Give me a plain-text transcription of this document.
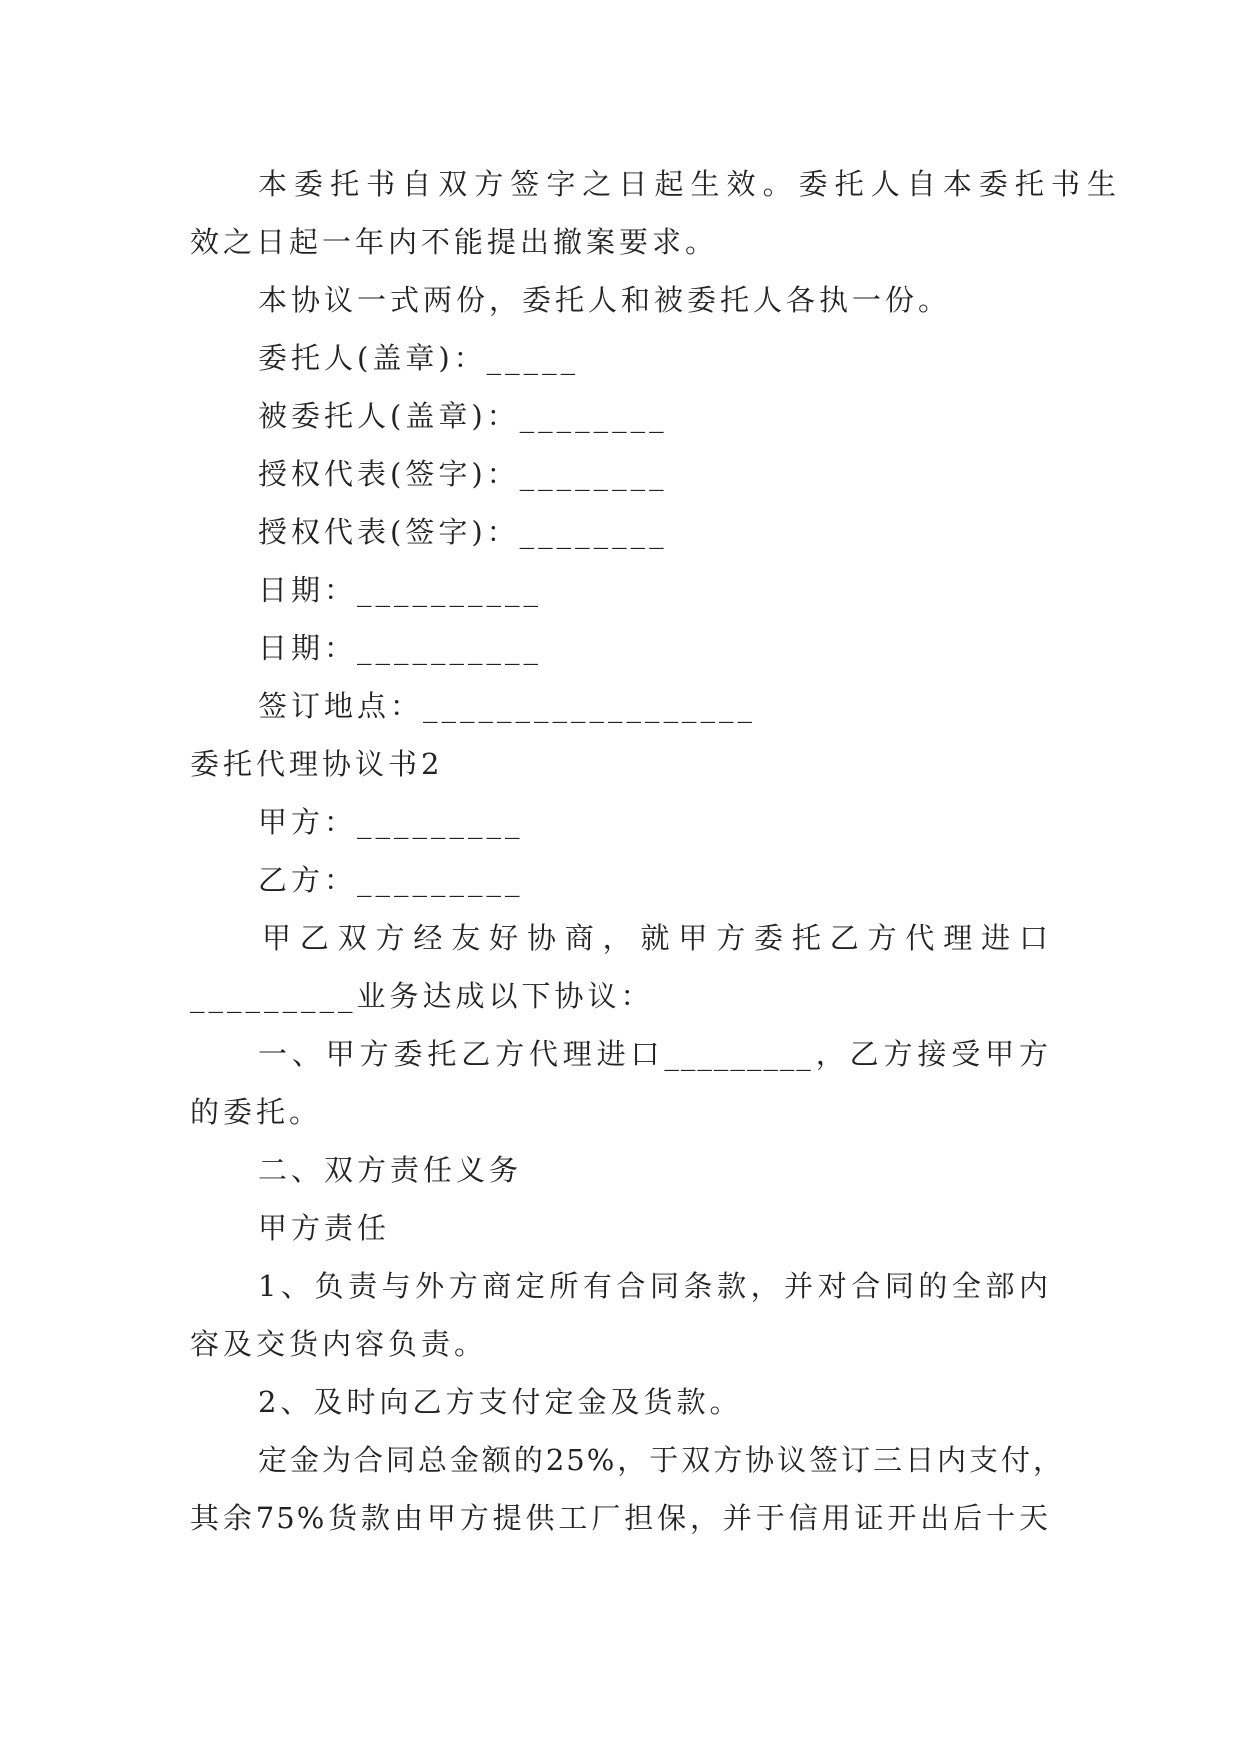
本委托书自双方签字之日起生效。委托人自本委托书生
效之日起一年内不能提出撤案要求。
本协议一式两份，委托人和被委托人各执一份。
委托人(盖章)：_____
被委托人(盖章)：________
授权代表(签字)：________
授权代表(签字)：________
日期：__________
日期：__________
签订地点：__________________
委托代理协议书2
甲方：_________
乙方：_________
甲乙双方经友好协商，就甲方委托乙方代理进口
_________业务达成以下协议：
一、甲方委托乙方代理进口_________，乙方接受甲方
的委托。
二、双方责任义务
甲方责任
1、负责与外方商定所有合同条款，并对合同的全部内
容及交货内容负责。
2、及时向乙方支付定金及货款。
定金为合同总金额的25%，于双方协议签订三日内支付，
其余75%货款由甲方提供工厂担保，并于信用证开出后十天
